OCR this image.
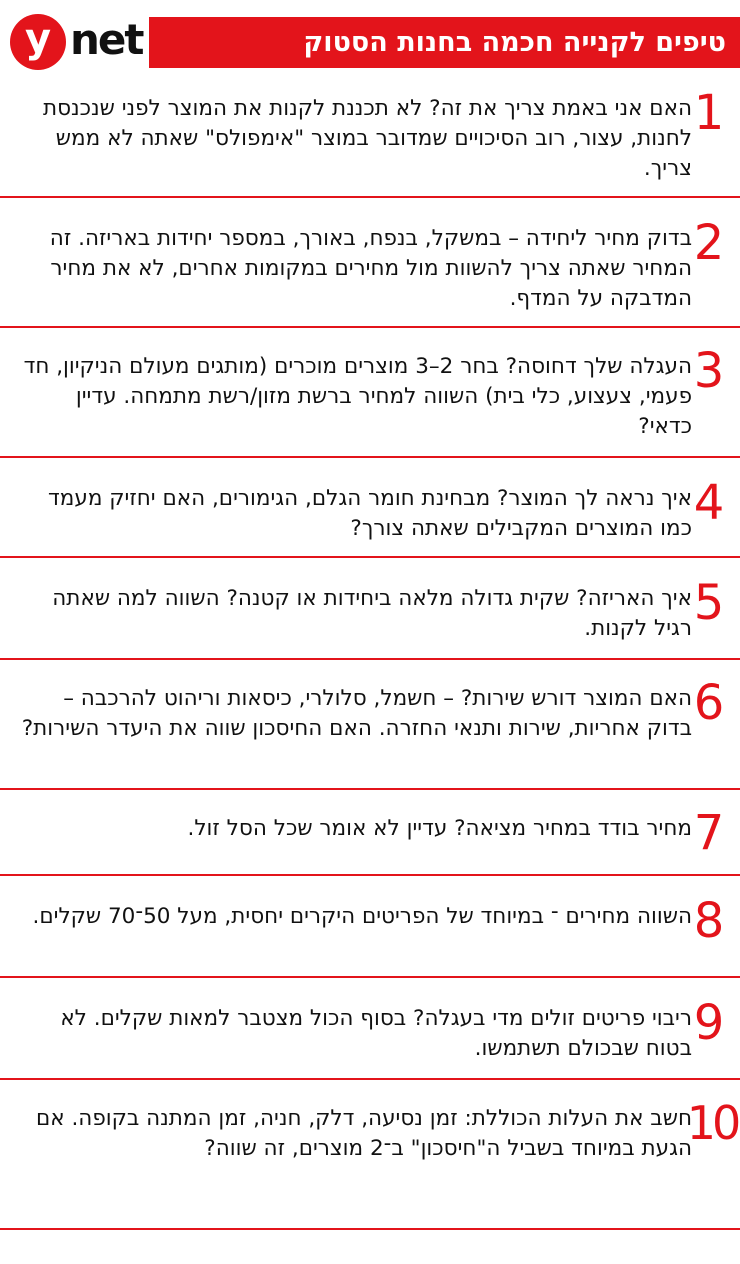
y net	טיפים לקנייה חכמה בחנות הסטוק
1
האם אני באמת צריך את זה? לא תכננת לקנות את המוצר לפני שנכנסת לחנות, עצור, רוב הסיכויים שמדובר במוצר "אימפולס" שאתה לא ממש צריך.
2
בדוק מחיר ליחידה – במשקל, בנפח, באורך, במספר יחידות באריזה. זה המחיר שאתה צריך להשוות מול מחירים במקומות אחרים, לא את מחיר המדבקה על המדף.
3
העגלה שלך דחוסה? בחר 2–3 מוצרים מוכרים (מותגים מעולם הניקיון, חד פעמי, צעצוע, כלי בית) השווה למחיר ברשת מזון/רשת מתמחה. עדיין כדאי?
4
איך נראה לך המוצר? מבחינת חומר הגלם, הגימורים, האם יחזיק מעמד כמו המוצרים המקבילים שאתה צורך?
5
איך האריזה? שקית גדולה מלאה ביחידות או קטנה? השווה למה שאתה רגיל לקנות.
6
האם המוצר דורש שירות? – חשמל, סלולרי, כיסאות וריהוט להרכבה – בדוק אחריות, שירות ותנאי החזרה. האם החיסכון שווה את היעדר השירות?
7
מחיר בודד במחיר מציאה? עדיין לא אומר שכל הסל זול.
8
השווה מחירים ־ במיוחד של הפריטים היקרים יחסית, מעל 50־70 שקלים.
9
ריבוי פריטים זולים מדי בעגלה? בסוף הכול מצטבר למאות שקלים. לא בטוח שבכולם תשתמשו.
10
חשב את העלות הכוללת: זמן נסיעה, דלק, חניה, זמן המתנה בקופה. אם הגעת במיוחד בשביל ה"חיסכון" ב־2 מוצרים, זה שווה?
